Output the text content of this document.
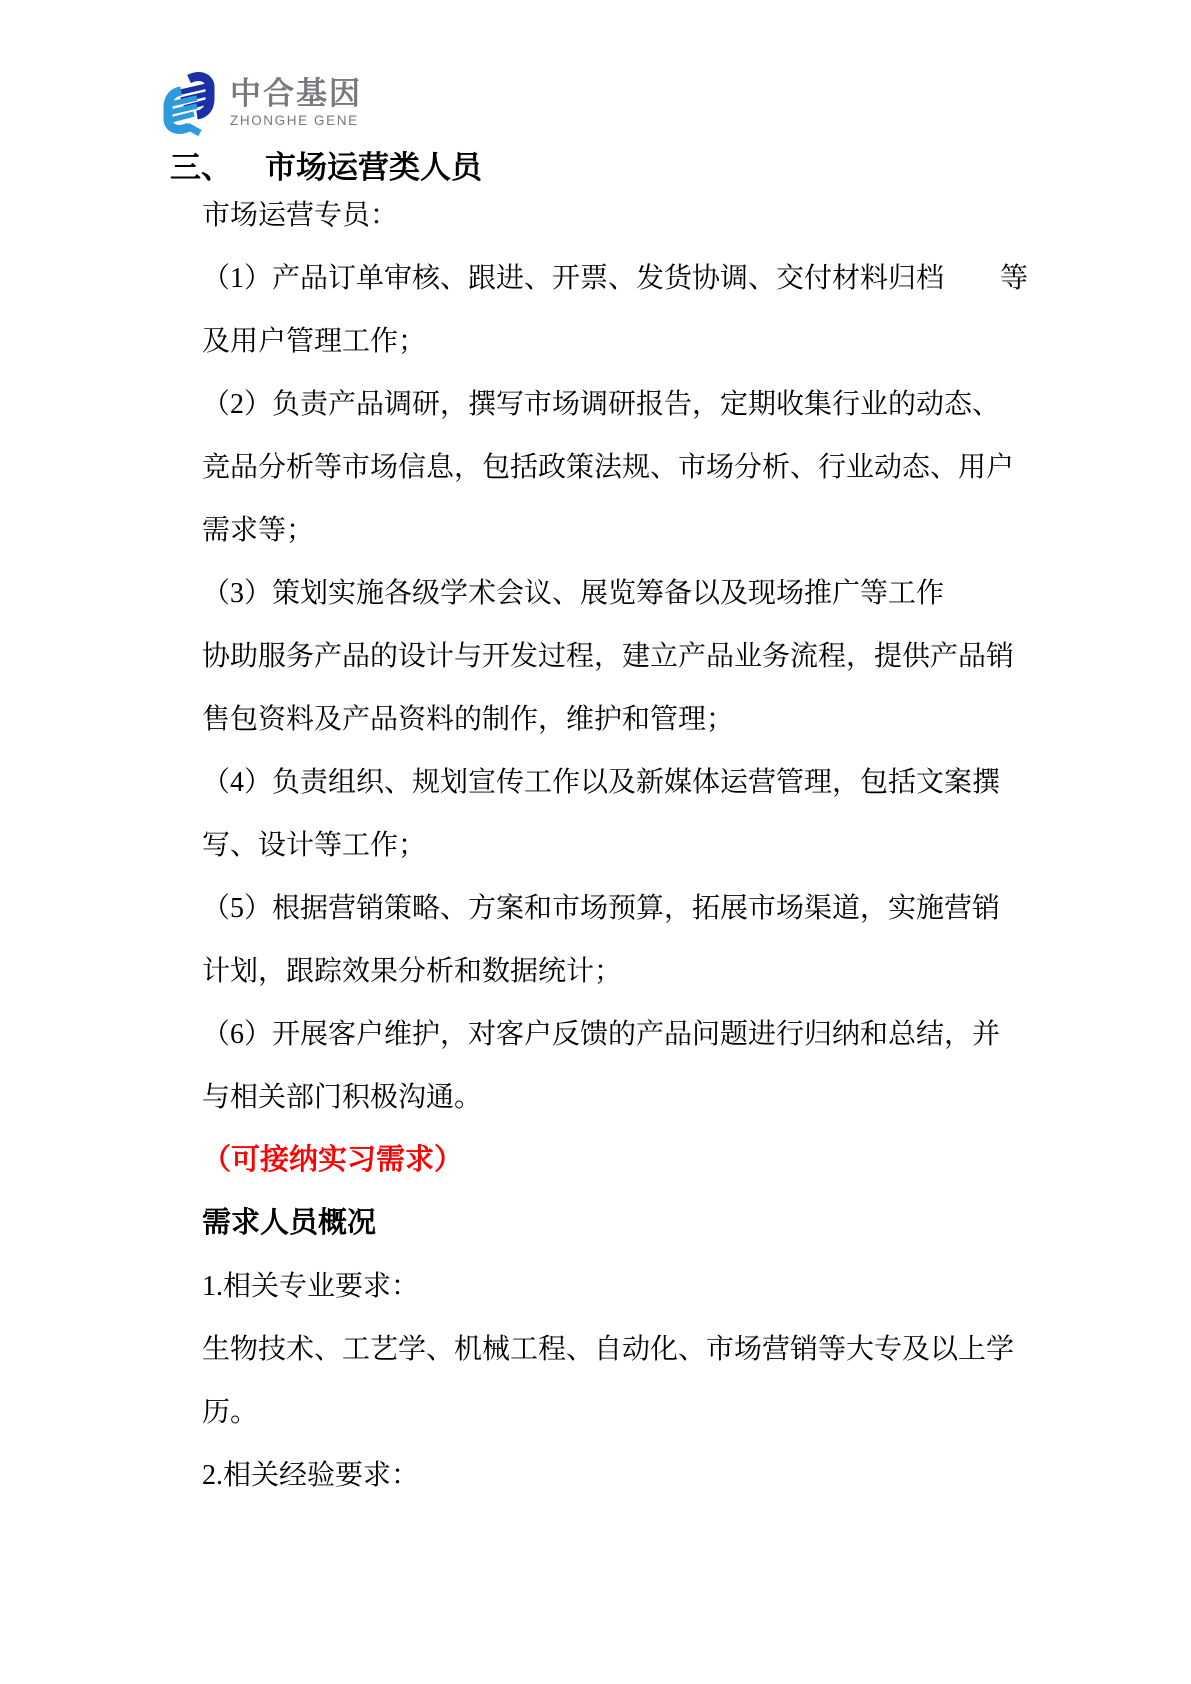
中合基因
ZHONGHE GENE
三、 市场运营类人员
市场运营专员：
（1）产品订单审核、跟进、开票、发货协调、交付材料归档　　等
及用户管理工作；
（2）负责产品调研，撰写市场调研报告，定期收集行业的动态、
竞品分析等市场信息，包括政策法规、市场分析、行业动态、用户
需求等；
（3）策划实施各级学术会议、展览筹备以及现场推广等工作
协助服务产品的设计与开发过程，建立产品业务流程，提供产品销
售包资料及产品资料的制作，维护和管理；
（4）负责组织、规划宣传工作以及新媒体运营管理，包括文案撰
写、设计等工作；
（5）根据营销策略、方案和市场预算，拓展市场渠道，实施营销
计划，跟踪效果分析和数据统计；
（6）开展客户维护，对客户反馈的产品问题进行归纳和总结，并
与相关部门积极沟通。
（可接纳实习需求）
需求人员概况
1.相关专业要求：
生物技术、工艺学、机械工程、自动化、市场营销等大专及以上学
历。
2.相关经验要求：
